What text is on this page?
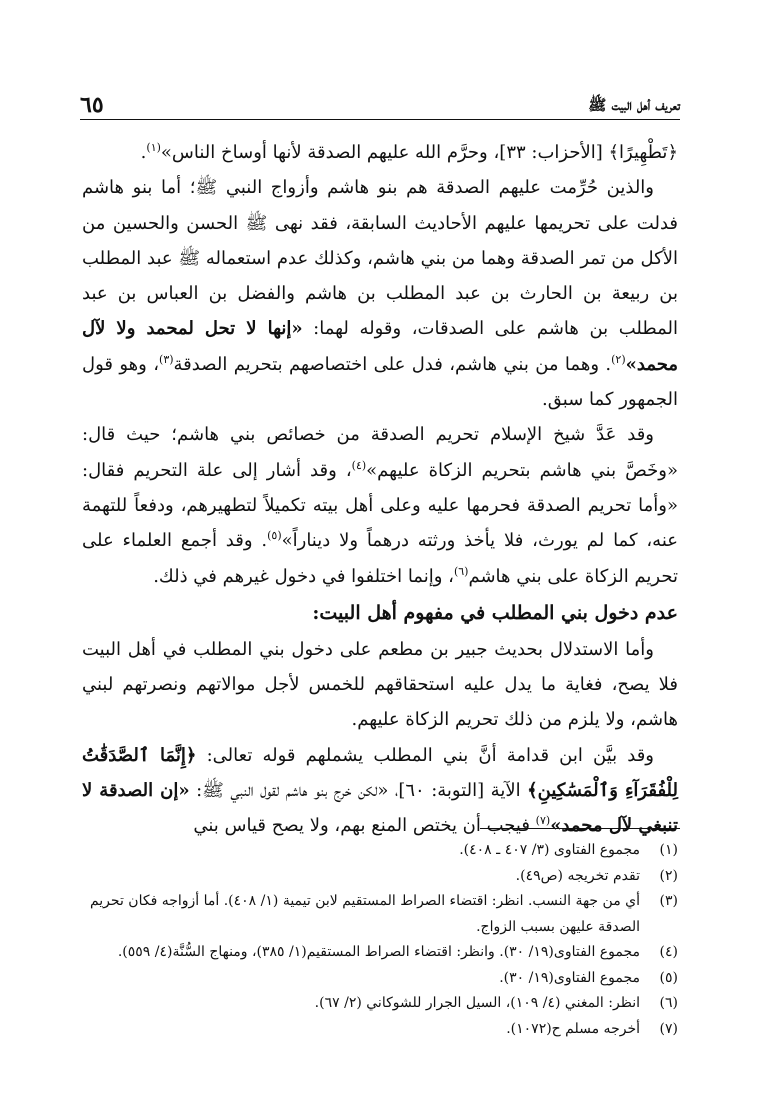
تعريف أهل البيت ﷺ
٦٥

﴿تَطْهِيرًا﴾ [الأحزاب: ٣٣]، وحرَّم الله عليهم الصدقة لأنها أوساخ الناس»$^{(١)}$.

والذين حُرِّمت عليهم الصدقة هم بنو هاشم وأزواج النبي ﷺ؛ أما بنو هاشم فدلت على تحريمها عليهم الأحاديث السابقة، فقد نهى ﷺ الحسن والحسين من الأكل من تمر الصدقة وهما من بني هاشم، وكذلك عدم استعماله ﷺ عبد المطلب بن ربيعة بن الحارث بن عبد المطلب بن هاشم والفضل بن العباس بن عبد المطلب بن هاشم على الصدقات، وقوله لهما: «إنها لا تحل لمحمد ولا لآل محمد»$^{(٢)}$. وهما من بني هاشم، فدل على اختصاصهم بتحريم الصدقة$^{(٣)}$، وهو قول الجمهور كما سبق.

وقد عَدَّ شيخ الإسلام تحريم الصدقة من خصائص بني هاشم؛ حيث قال: «وخَصَّ بني هاشم بتحريم الزكاة عليهم»$^{(٤)}$، وقد أشار إلى علة التحريم فقال: «وأما تحريم الصدقة فحرمها عليه وعلى أهل بيته تكميلاً لتطهيرهم، ودفعاً للتهمة عنه، كما لم يورث، فلا يأخذ ورثته درهماً ولا ديناراً»$^{(٥)}$. وقد أجمع العلماء على تحريم الزكاة على بني هاشم$^{(٦)}$، وإنما اختلفوا في دخول غيرهم في ذلك.

عدم دخول بني المطلب في مفهوم أهل البيت:

وأما الاستدلال بحديث جبير بن مطعم على دخول بني المطلب في أهل البيت فلا يصح، فغاية ما يدل عليه استحقاقهم للخمس لأجل موالاتهم ونصرتهم لبني هاشم، ولا يلزم من ذلك تحريم الزكاة عليهم.

وقد بيَّن ابن قدامة أنَّ بني المطلب يشملهم قوله تعالى: ﴿إِنَّمَا ٱلصَّدَقَٰتُ لِلْفُقَرَآءِ وَٱلْمَسَٰكِينِ﴾ الآية [التوبة: ٦٠]، «لكن خرج بنو هاشم لقول النبي ﷺ: «إن الصدقة لا تنبغي لآل محمد»$^{(٧)}$ فيجب أن يختص المنع بهم، ولا يصح قياس بني

(١)
مجموع الفتاوى (٣/ ٤٠٧ ـ ٤٠٨).
(٢)
تقدم تخريجه (ص٤٩).
(٣)
أي من جهة النسب. انظر: اقتضاء الصراط المستقيم لابن تيمية (١/ ٤٠٨). أما أزواجه فكان تحريم الصدقة عليهن بسبب الزواج.
(٤)
مجموع الفتاوى(١٩/ ٣٠). وانظر: اقتضاء الصراط المستقيم(١/ ٣٨٥)، ومنهاج السُّنَّة(٤/ ٥٥٩).
(٥)
مجموع الفتاوى(١٩/ ٣٠).
(٦)
انظر: المغني (٤/ ١٠٩)، السيل الجرار للشوكاني (٢/ ٦٧).
(٧)
أخرجه مسلم ح(١٠٧٢).
